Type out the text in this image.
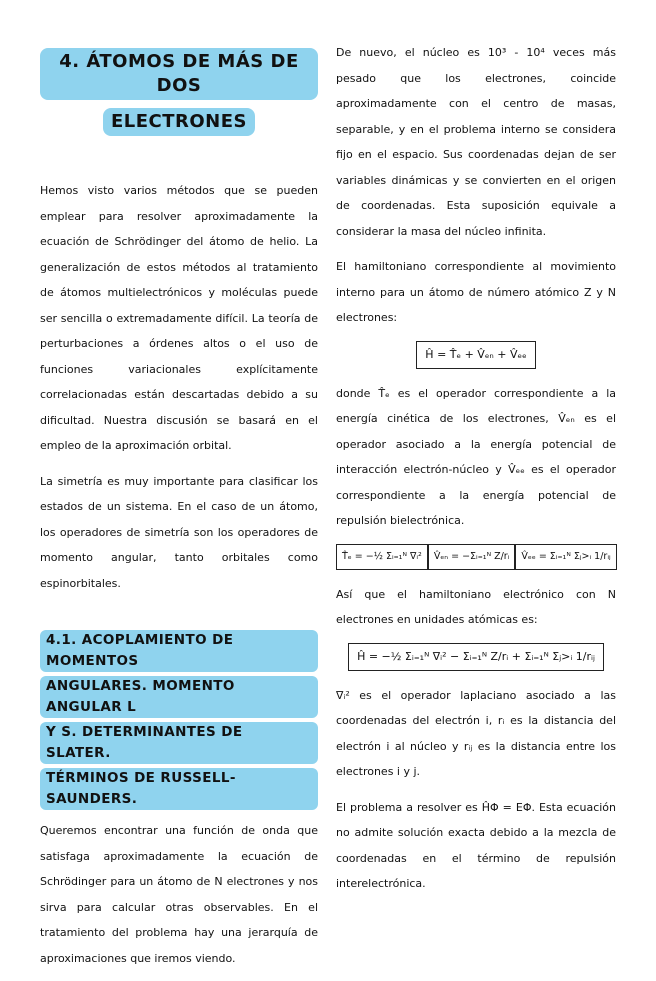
4. ÁTOMOS DE MÁS DE DOS
ELECTRONES

Hemos visto varios métodos que se pueden emplear para resolver aproximadamente la ecuación de Schrödinger del átomo de helio. La generalización de estos métodos al tratamiento de átomos multielectrónicos y moléculas puede ser sencilla o extremadamente difícil. La teoría de perturbaciones a órdenes altos o el uso de funciones variacionales explícitamente correlacionadas están descartadas debido a su dificultad. Nuestra discusión se basará en el empleo de la aproximación orbital.

La simetría es muy importante para clasificar los estados de un sistema. En el caso de un átomo, los operadores de simetría son los operadores de momento angular, tanto orbitales como espinorbitales.

4.1. ACOPLAMIENTO DE MOMENTOS
ANGULARES. MOMENTO ANGULAR L
Y S. DETERMINANTES DE SLATER.
TÉRMINOS DE RUSSELL-SAUNDERS.

Queremos encontrar una función de onda que satisfaga aproximadamente la ecuación de Schrödinger para un átomo de N electrones y nos sirva para calcular otras observables. En el tratamiento del problema hay una jerarquía de aproximaciones que iremos viendo.

De nuevo, el núcleo es 10³ - 10⁴ veces más pesado que los electrones, coincide aproximadamente con el centro de masas, separable, y en el problema interno se considera fijo en el espacio. Sus coordenadas dejan de ser variables dinámicas y se convierten en el origen de coordenadas. Esta suposición equivale a considerar la masa del núcleo infinita.

El hamiltoniano correspondiente al movimiento interno para un átomo de número atómico Z y N electrones:

Ĥ = T̂ₑ + V̂ₑₙ + V̂ₑₑ

donde T̂ₑ es el operador correspondiente a la energía cinética de los electrones, V̂ₑₙ es el operador asociado a la energía potencial de interacción electrón-núcleo y V̂ₑₑ es el operador correspondiente a la energía potencial de repulsión bielectrónica.

T̂ₑ = −½ Σᵢ₌₁ᴺ ∇ᵢ²	V̂ₑₙ = −Σᵢ₌₁ᴺ Z/rᵢ	V̂ₑₑ = Σᵢ₌₁ᴺ Σⱼ>ᵢ 1/rᵢⱼ

Así que el hamiltoniano electrónico con N electrones en unidades atómicas es:

Ĥ = −½ Σᵢ₌₁ᴺ ∇ᵢ² − Σᵢ₌₁ᴺ Z/rᵢ + Σᵢ₌₁ᴺ Σⱼ>ᵢ 1/rᵢⱼ

∇ᵢ² es el operador laplaciano asociado a las coordenadas del electrón i, rᵢ es la distancia del electrón i al núcleo y rᵢⱼ es la distancia entre los electrones i y j.

El problema a resolver es ĤΦ = EΦ. Esta ecuación no admite solución exacta debido a la mezcla de coordenadas en el término de repulsión interelectrónica.
